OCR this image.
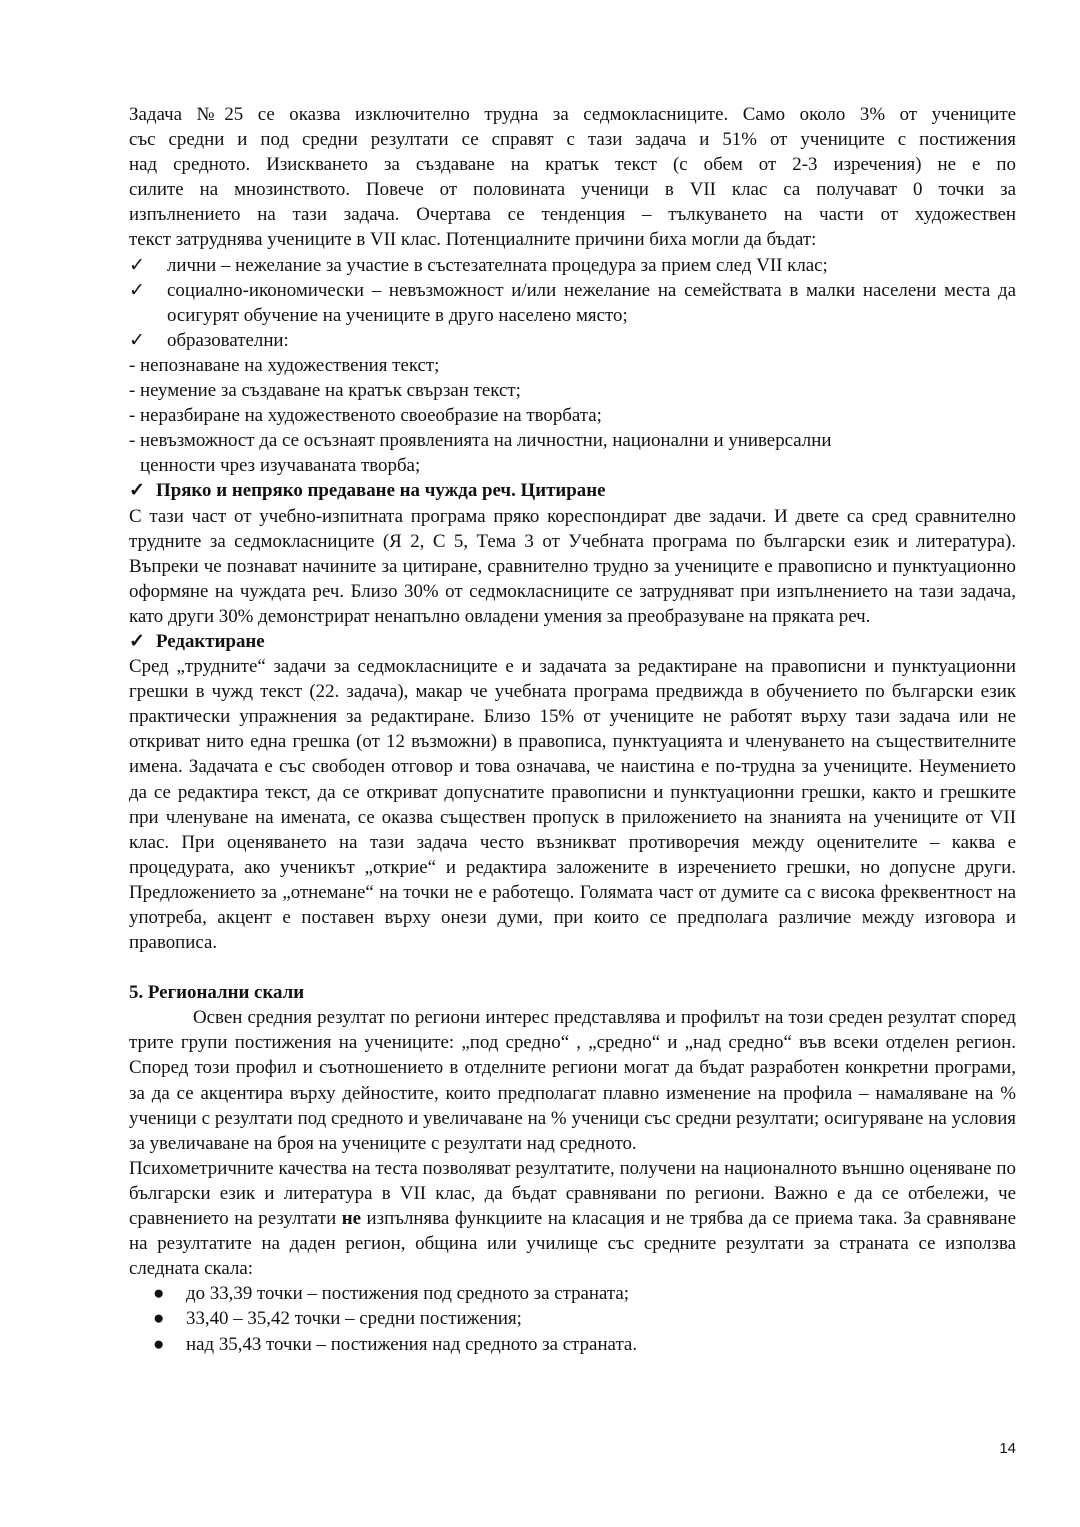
Задача №25 се оказва изключително трудна за седмокласниците. Само около 3% от учениците

със средни и под средни резултати се справят с тази задача и 51% от учениците с постижения

над средното. Изискването за създаване на кратък текст (с обем от 2-3 изречения) не е по

силите на мнозинството. Повече от половината ученици в VII клас са получават 0 точки за

изпълнението на тази задача. Очертава се тенденция – тълкуването на части от художествен

текст затруднява учениците в VII клас. Потенциалните причини биха могли да бъдат:

✓	лични – нежелание за участие в състезателната процедура за прием след VII клас;
✓	социално-икономически – невъзможност и/или нежелание на семействата в малки населени места да осигурят обучение на учениците в друго населено място;
✓	образователни:
- непознаване на художествения текст;
- неумение за създаване на кратък свързан текст;
- неразбиране на художественото своеобразие на творбата;
- невъзможност да се осъзнаят проявленията на личностни, национални и универсални
ценности чрез изучаваната творба;
✓ Пряко и непряко предаване на чужда реч. Цитиране

С тази част от учебно-изпитната програма пряко кореспондират две задачи. И двете са сред сравнително трудните за седмокласниците (Я 2, С 5, Тема 3 от Учебната програма по български език и литература). Въпреки че познават начините за цитиране, сравнително трудно за учениците е правописно и пунктуационно оформяне на чуждата реч. Близо 30% от седмокласниците се затрудняват при изпълнението на тази задача, като други 30% демонстрират ненапълно овладени умения за преобразуване на пряката реч.

✓ Редактиране

Сред „трудните“ задачи за седмокласниците е и задачата за редактиране на правописни и пунктуационни грешки в чужд текст (22. задача), макар че учебната програма предвижда в обучението по български език практически упражнения за редактиране. Близо 15% от учениците не работят върху тази задача или не откриват нито една грешка (от 12 възможни) в правописа, пунктуацията и членуването на съществителните имена. Задачата е със свободен отговор и това означава, че наистина е по-трудна за учениците. Неумението да се редактира текст, да се откриват допуснатите правописни и пунктуационни грешки, както и грешките при членуване на имената, се оказва съществен пропуск в приложението на знанията на учениците от VII клас. При оценяването на тази задача често възникват противоречия между оценителите – каква е процедурата, ако ученикът „открие“ и редактира заложените в изречението грешки, но допусне други. Предложението за „отнемане“ на точки не е работещо. Голямата част от думите са с висока фреквентност на употреба, акцент е поставен върху онези думи, при които се предполага различие между изговора и правописа.

5. Регионални скали

Освен средния резултат по региони интерес представлява и профилът на този среден резултат според трите групи постижения на учениците: „под средно“ , „средно“ и „над средно“ във всеки отделен регион. Според този профил и съотношението в отделните региони могат да бъдат разработен конкретни програми, за да се акцентира върху дейностите, които предполагат плавно изменение на профила – намаляване на % ученици с резултати под средното и увеличаване на % ученици със средни резултати; осигуряване на условия за увеличаване на броя на учениците с резултати над средното.

Психометричните качества на теста позволяват резултатите, получени на националното външно оценяване по български език и литература в VII клас, да бъдат сравнявани по региони. Важно е да се отбележи, че сравнението на резултати не изпълнява функциите на класация и не трябва да се приема така. За сравняване на резултатите на даден регион, община или училище със средните резултати за страната се използва следната скала:

●	до 33,39 точки – постижения под средното за страната;
●	33,40 – 35,42 точки – средни постижения;
●	над 35,43 точки – постижения над средното за страната.
14
